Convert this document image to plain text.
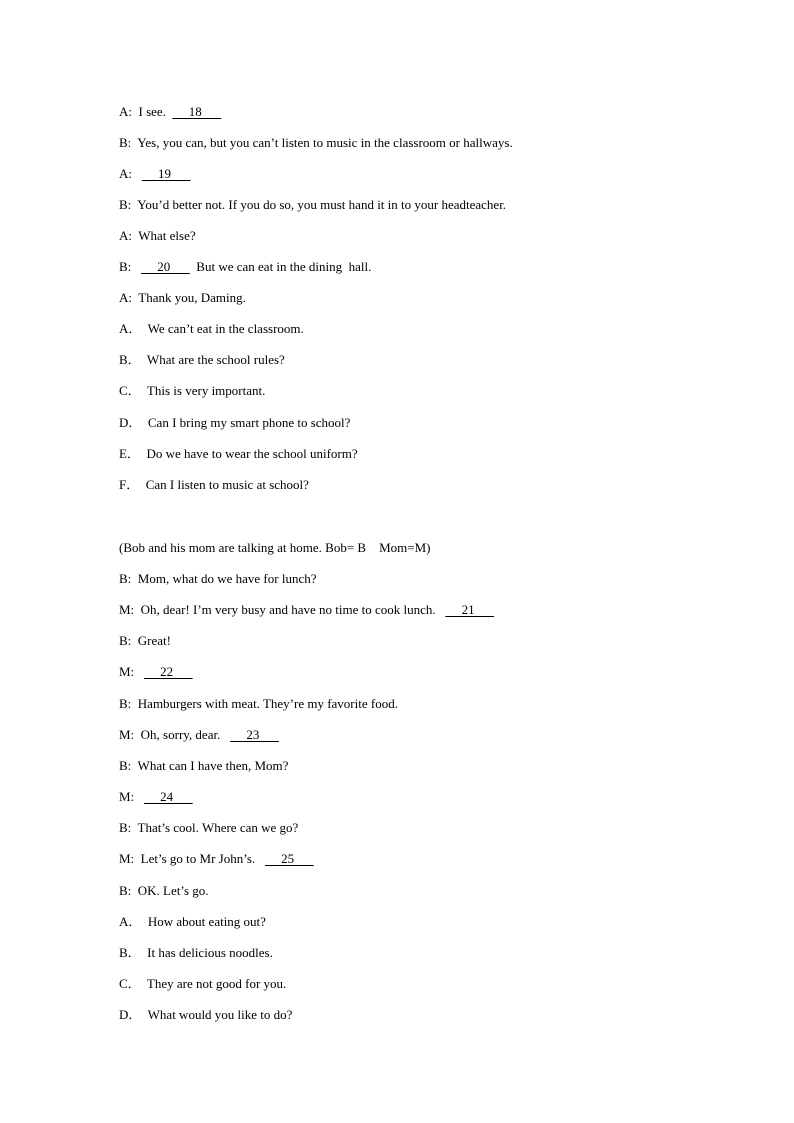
A:  I see.       18
B:  Yes, you can, but you can’t listen to music in the classroom or hallways.
A:        19
B:  You’d better not. If you do so, you must hand it in to your headteacher.
A:  What else?
B:        20        But we can eat in the dining  hall.
A:  Thank you, Daming.
A．  We can’t eat in the classroom.
B．  What are the school rules?
C．  This is very important.
D．  Can I bring my smart phone to school?
E．  Do we have to wear the school uniform?
F．  Can I listen to music at school?
(Bob and his mom are talking at home. Bob= B    Mom=M)
B:  Mom, what do we have for lunch?
M:  Oh, dear! I’m very busy and have no time to cook lunch.        21
B:  Great!
M:        22
B:  Hamburgers with meat. They’re my favorite food.
M:  Oh, sorry, dear.        23
B:  What can I have then, Mom?
M:        24
B:  That’s cool. Where can we go?
M:  Let’s go to Mr John’s.        25
B:  OK. Let’s go.
A．  How about eating out?
B．  It has delicious noodles.
C．  They are not good for you.
D．  What would you like to do?
